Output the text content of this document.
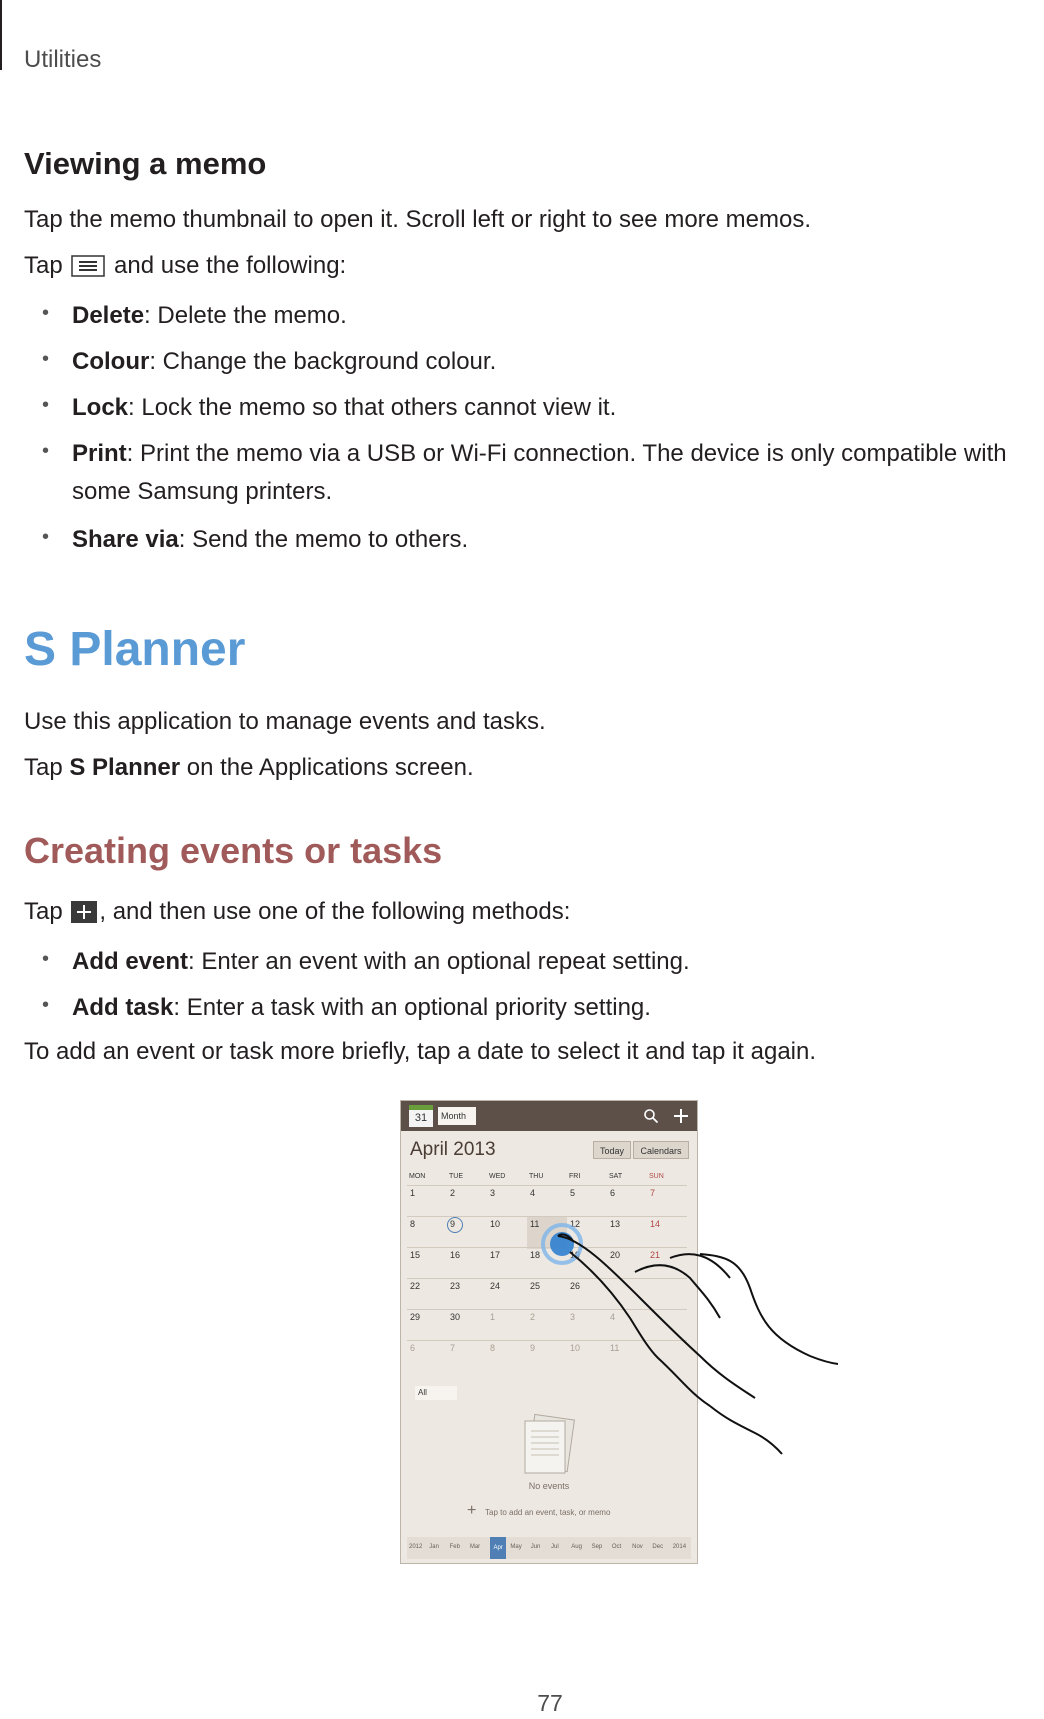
Utilities
Viewing a memo

Tap the memo thumbnail to open it. Scroll left or right to see more memos.

Tap and use the following:

• Delete: Delete the memo.
• Colour: Change the background colour.
• Lock: Lock the memo so that others cannot view it.
• Print: Print the memo via a USB or Wi-Fi connection. The device is only compatible with
some Samsung printers.
• Share via: Send the memo to others.
S Planner

Use this application to manage events and tasks.

Tap S Planner on the Applications screen.

Creating events or tasks

Tap , and then use one of the following methods:

• Add event: Enter an event with an optional repeat setting.
• Add task: Enter a task with an optional priority setting.

To add an event or task more briefly, tap a date to select it and tap it again.

31	Month
April 2013	Today	Calendars
MON	TUE	WED	THU	FRI	SAT	SUN
1	2	3	4	5	6	7
8	9	10	11	12	13	14
15	16	17	18	19	20	21
22	23	24	25	26
29	30	1	2	3	4
6	7	8	9	10	11
All
No events
+ Tap to add an event, task, or memo
2012 Jan Feb Mar	Apr	May Jun Jul Aug Sep Oct Nov Dec 2014
77
